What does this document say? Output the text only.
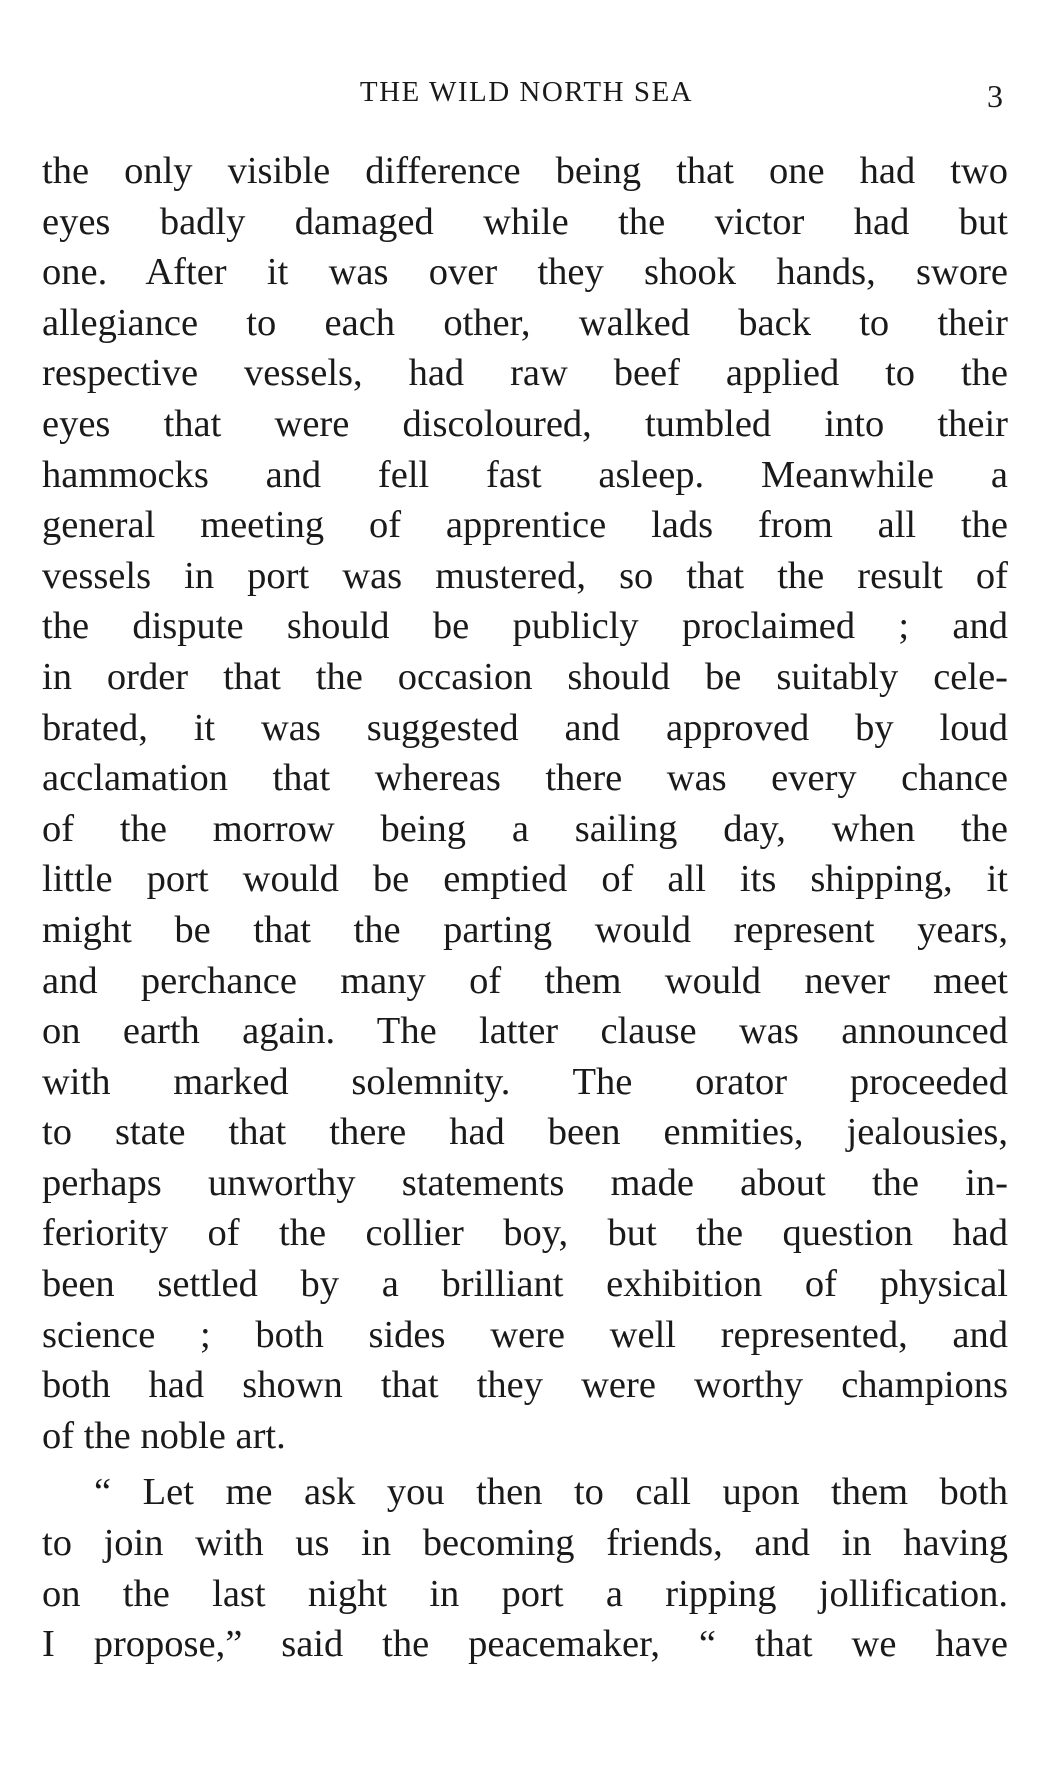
THE WILD NORTH SEA	3
the only visible difference being that one had two
eyes badly damaged while the victor had but
one. After it was over they shook hands, swore
allegiance to each other, walked back to their
respective vessels, had raw beef applied to the
eyes that were discoloured, tumbled into their
hammocks and fell fast asleep. Meanwhile a
general meeting of apprentice lads from all the
vessels in port was mustered, so that the result of
the dispute should be publicly proclaimed ; and
in order that the occasion should be suitably cele-
brated, it was suggested and approved by loud
acclamation that whereas there was every chance
of the morrow being a sailing day, when the
little port would be emptied of all its shipping, it
might be that the parting would represent years,
and perchance many of them would never meet
on earth again. The latter clause was announced
with marked solemnity. The orator proceeded
to state that there had been enmities, jealousies,
perhaps unworthy statements made about the in-
feriority of the collier boy, but the question had
been settled by a brilliant exhibition of physical
science ; both sides were well represented, and
both had shown that they were worthy champions
of the noble art.
“ Let me ask you then to call upon them both
to join with us in becoming friends, and in having
on the last night in port a ripping jollification.
I propose,” said the peacemaker, “ that we have
